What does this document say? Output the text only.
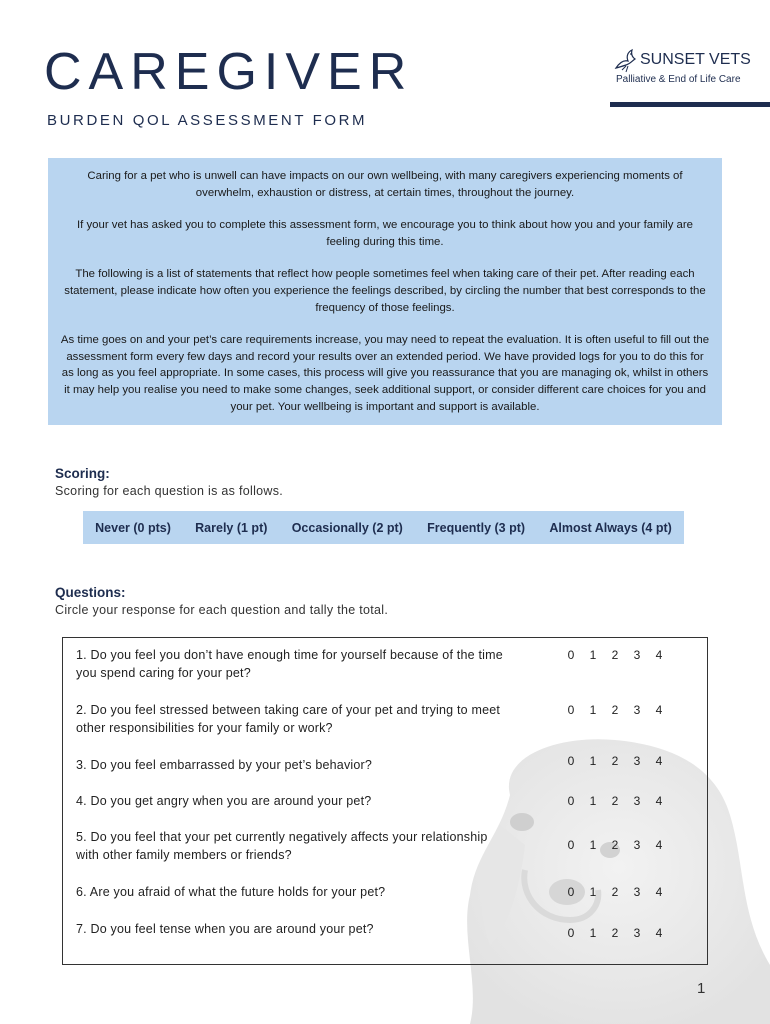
CAREGIVER
BURDEN QOL ASSESSMENT FORM
SUNSET VETS
Palliative & End of Life Care

Caring for a pet who is unwell can have impacts on our own wellbeing, with many caregivers experiencing moments of overwhelm, exhaustion or distress, at certain times, throughout the journey.

If your vet has asked you to complete this assessment form, we encourage you to think about how you and your family are feeling during this time.

The following is a list of statements that reflect how people sometimes feel when taking care of their pet. After reading each statement, please indicate how often you experience the feelings described, by circling the number that best corresponds to the frequency of those feelings.

As time goes on and your pet’s care requirements increase, you may need to repeat the evaluation. It is often useful to fill out the assessment form every few days and record your results over an extended period. We have provided logs for you to do this for as long as you feel appropriate. In some cases, this process will give you reassurance that you are managing ok, whilst in others it may help you realise you need to make some changes, seek additional support, or consider different care choices for you and your pet. Your wellbeing is important and support is available.

Scoring:
Scoring for each question is as follows.
Never (0 pts) Rarely (1 pt) Occasionally (2 pt) Frequently (3 pt) Almost Always (4 pt)
Questions:
Circle your response for each question and tally the total.
1. Do you feel you don’t have enough time for yourself because of the time you spend caring for your pet?
0	1	2	3	4
2. Do you feel stressed between taking care of your pet and trying to meet other responsibilities for your family or work?
0	1	2	3	4
3. Do you feel embarrassed by your pet’s behavior?	0	1	2	3	4
4. Do you get angry when you are around your pet?	0	1	2	3	4
5. Do you feel that your pet currently negatively affects your relationship with other family members or friends?
0	1	2	3	4
6. Are you afraid of what the future holds for your pet?	0	1	2	3	4
7. Do you feel tense when you are around your pet?	0	1	2	3	4
1
